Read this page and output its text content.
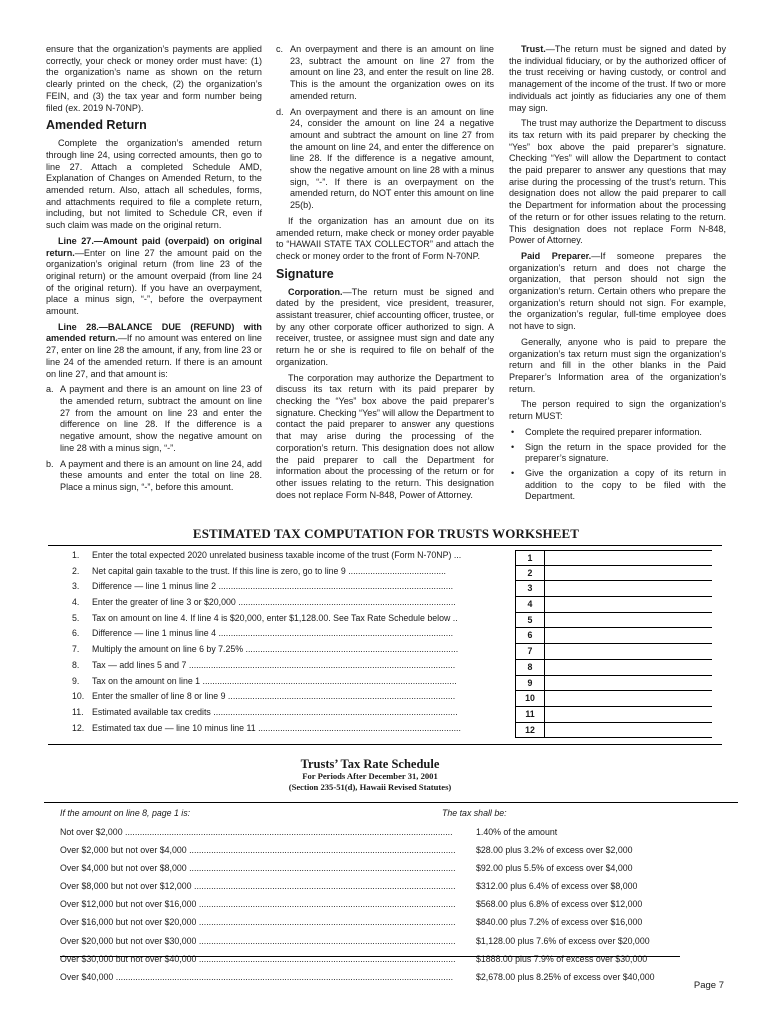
ensure that the organization’s payments are applied correctly, your check or money order must have: (1) the organization’s name as shown on the return clearly printed on the check, (2) the organization’s FEIN, and (3) the tax year and form number being filed (ex. 2019 N-70NP).

Amended Return

Complete the organization’s amended return through line 24, using corrected amounts, then go to line 27. Attach a completed Schedule AMD, Explanation of Changes on Amended Return, to the amended return. Also, attach all schedules, forms, and attachments required to file a complete return, including, but not limited to Schedule CR, even if such claim was made on the original return.

Line 27.—Amount paid (overpaid) on original return.—Enter on line 27 the amount paid on the organization’s original return (from line 23 of the original return) or the amount overpaid (from line 24 of the original return). If you have an overpayment, place a minus sign, “-”, before the overpayment amount.

Line 28.—BALANCE DUE (REFUND) with amended return.—If no amount was entered on line 27, enter on line 28 the amount, if any, from line 23 or line 24 of the amended return. If there is an amount on line 27, and that amount is:

a. A payment and there is an amount on line 23 of the amended return, subtract the amount on line 27 from the amount on line 23 and enter the difference on line 28. If the difference is a negative amount, show the negative amount on line 28 with a minus sign, “-”.
b. A payment and there is an amount on line 24, add these amounts and enter the total on line 28. Place a minus sign, “-”, before this amount.
c. An overpayment and there is an amount on line 23, subtract the amount on line 27 from the amount on line 23, and enter the result on line 28. This is the amount the organization owes on its amended return.
d. An overpayment and there is an amount on line 24, consider the amount on line 24 a negative amount and subtract the amount on line 27 from the amount on line 24, and enter the difference on line 28. If the difference is a negative amount, show the negative amount on line 28 with a minus sign, “-”. If there is an overpayment on the amended return, do NOT enter this amount on line 25(b).

If the organization has an amount due on its amended return, make check or money order payable to “HAWAII STATE TAX COLLECTOR” and attach the check or money order to the front of Form N-70NP.

Signature

Corporation.—The return must be signed and dated by the president, vice president, treasurer, assistant treasurer, chief accounting officer, trustee, or by any other corporate officer authorized to sign. A receiver, trustee, or assignee must sign and date any return he or she is required to file on behalf of the organization.

The corporation may authorize the Department to discuss its tax return with its paid preparer by checking the “Yes” box above the paid preparer’s signature. Checking “Yes” will allow the Department to contact the paid preparer to answer any questions that may arise during the processing of the corporation’s return. This designation does not allow the paid preparer to call the Department for information about the processing of the return or for other issues relating to the return. This designation does not replace Form N-848, Power of Attorney.

Trust.—The return must be signed and dated by the individual fiduciary, or by the authorized officer of the trust receiving or having custody, or control and management of the income of the trust. If two or more individuals act jointly as fiduciaries any one of them may sign.

The trust may authorize the Department to discuss its tax return with its paid preparer by checking the “Yes” box above the paid preparer’s signature. Checking “Yes” will allow the Department to contact the paid preparer to answer any questions that may arise during the processing of the trust’s return. This designation does not allow the paid preparer to call the Department for information about the processing of the return or for other issues relating to the return. This designation does not replace Form N-848, Power of Attorney.

Paid Preparer.—If someone prepares the organization’s return and does not charge the organization, that person should not sign the organization’s return. Certain others who prepare the organization’s return should not sign. For example, the organization’s regular, full-time employee does not have to sign.

Generally, anyone who is paid to prepare the organization’s tax return must sign the organization’s return and fill in the other blanks in the Paid Preparer’s Information area of the organization’s return.

The person required to sign the organization’s return MUST:

• Complete the required preparer information.
• Sign the return in the space provided for the preparer’s signature.
• Give the organization a copy of its return in addition to the copy to be filed with the Department.
ESTIMATED TAX COMPUTATION FOR TRUSTS WORKSHEET
1.	Enter the total expected 2020 unrelated business taxable income of the trust (Form N-70NP) ...	1
2.	Net capital gain taxable to the trust. If this line is zero, go to line 9 ........................................	2
3.	Difference — line 1 minus line 2 ................................................................................................	3
4.	Enter the greater of line 3 or $20,000 .........................................................................................	4
5.	Tax on amount on line 4. If line 4 is $20,000, enter $1,128.00. See Tax Rate Schedule below ..	5
6.	Difference — line 1 minus line 4 ................................................................................................	6
7.	Multiply the amount on line 6 by 7.25% .......................................................................................	7
8.	Tax — add lines 5 and 7 .............................................................................................................	8
9.	Tax on the amount on line 1 ........................................................................................................	9
10. Enter the smaller of line 8 or line 9 .............................................................................................	10
11. Estimated available tax credits ....................................................................................................	11
12. Estimated tax due — line 10 minus line 11 ...................................................................................	12
Trusts’ Tax Rate Schedule
For Periods After December 31, 2001
(Section 235-51(d), Hawaii Revised Statutes)
If the amount on line 8, page 1 is:	The tax shall be:
Not over $2,000 ......................................................................................................................................	1.40% of the amount
Over $2,000 but not over $4,000 .............................................................................................................	$28.00 plus 3.2% of excess over $2,000
Over $4,000 but not over $8,000 .............................................................................................................	$92.00 plus 5.5% of excess over $4,000
Over $8,000 but not over $12,000 ...........................................................................................................	$312.00 plus 6.4% of excess over $8,000
Over $12,000 but not over $16,000 .........................................................................................................	$568.00 plus 6.8% of excess over $12,000
Over $16,000 but not over $20,000 .........................................................................................................	$840.00 plus 7.2% of excess over $16,000
Over $20,000 but not over $30,000 .........................................................................................................	$1,128.00 plus 7.6% of excess over $20,000
Over $30,000 but not over $40,000 .........................................................................................................	$1888.00 plus 7.9% of excess over $30,000
Over $40,000 ..........................................................................................................................................	$2,678.00 plus 8.25% of excess over $40,000
Page 7
